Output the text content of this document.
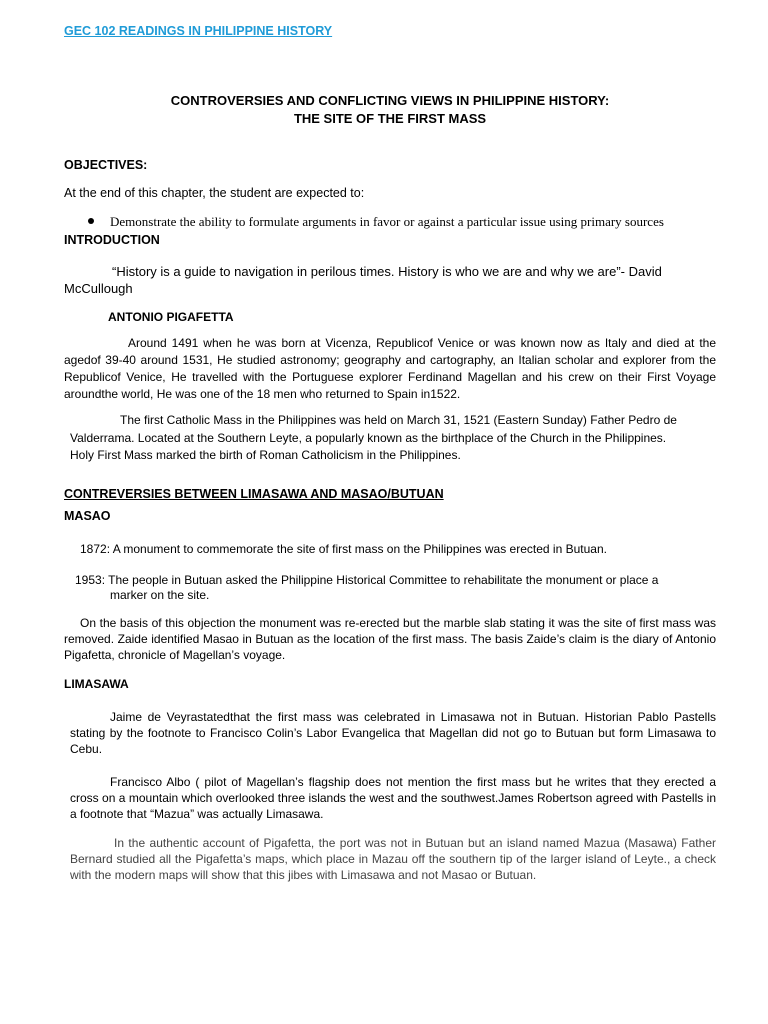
GEC 102 READINGS IN PHILIPPINE HISTORY
CONTROVERSIES AND CONFLICTING VIEWS IN PHILIPPINE HISTORY:
THE SITE OF THE FIRST MASS
OBJECTIVES:
At the end of this chapter, the student are expected to:
Demonstrate the ability to formulate arguments in favor or against a particular issue using primary sources
INTRODUCTION
“History is a guide to navigation in perilous times. History is who we are and why we are”- David
McCullough
ANTONIO PIGAFETTA

Around 1491 when he was born at Vicenza, Republicof Venice or was known now as Italy and died at the agedof 39-40 around 1531, He studied astronomy; geography and cartography, an Italian scholar and explorer from the Republicof Venice, He travelled with the Portuguese explorer Ferdinand Magellan and his crew on their First Voyage aroundthe world, He was one of the 18 men who returned to Spain in1522.

The first Catholic Mass in the Philippines was held on March 31, 1521 (Eastern Sunday) Father Pedro de
Valderrama. Located at the Southern Leyte, a popularly known as the birthplace of the Church in the Philippines.
Holy First Mass marked the birth of Roman Catholicism in the Philippines.
CONTREVERSIES BETWEEN LIMASAWA AND MASAO/BUTUAN
MASAO
1872: A monument to commemorate the site of first mass on the Philippines was erected in Butuan.
1953: The people in Butuan asked the Philippine Historical Committee to rehabilitate the monument or place a
marker on the site.

On the basis of this objection the monument was re-erected but the marble slab stating it was the site of first mass was removed. Zaide identified Masao in Butuan as the location of the first mass. The basis Zaide’s claim is the diary of Antonio Pigafetta, chronicle of Magellan’s voyage.

LIMASAWA

Jaime de Veyrastatedthat the first mass was celebrated in Limasawa not in Butuan. Historian Pablo Pastells stating by the footnote to Francisco Colin’s Labor Evangelica that Magellan did not go to Butuan but form Limasawa to Cebu.

Francisco Albo ( pilot of Magellan’s flagship does not mention the first mass but he writes that they erected a cross on a mountain which overlooked three islands the west and the southwest.James Robertson agreed with Pastells in a footnote that “Mazua” was actually Limasawa.

In the authentic account of Pigafetta, the port was not in Butuan but an island named Mazua (Masawa) Father Bernard studied all the Pigafetta’s maps, which place in Mazau off the southern tip of the larger island of Leyte., a check with the modern maps will show that this jibes with Limasawa and not Masao or Butuan.
